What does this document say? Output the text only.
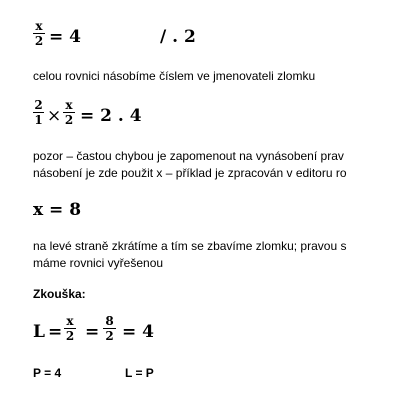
x
2 = 4	/ . 2
celou rovnici násobíme číslem ve jmenovateli zlomku
2
1 ×
x
2 = 2 . 4
pozor – častou chybou je zapomenout na vynásobení prav
násobení je zde použit x – příklad je zpracován v editoru ro
x = 8
na levé straně zkrátíme a tím se zbavíme zlomku; pravou s
máme rovnici vyřešenou
Zkouška:
L =
x
2 =
8
2 = 4
P = 4	L = P
